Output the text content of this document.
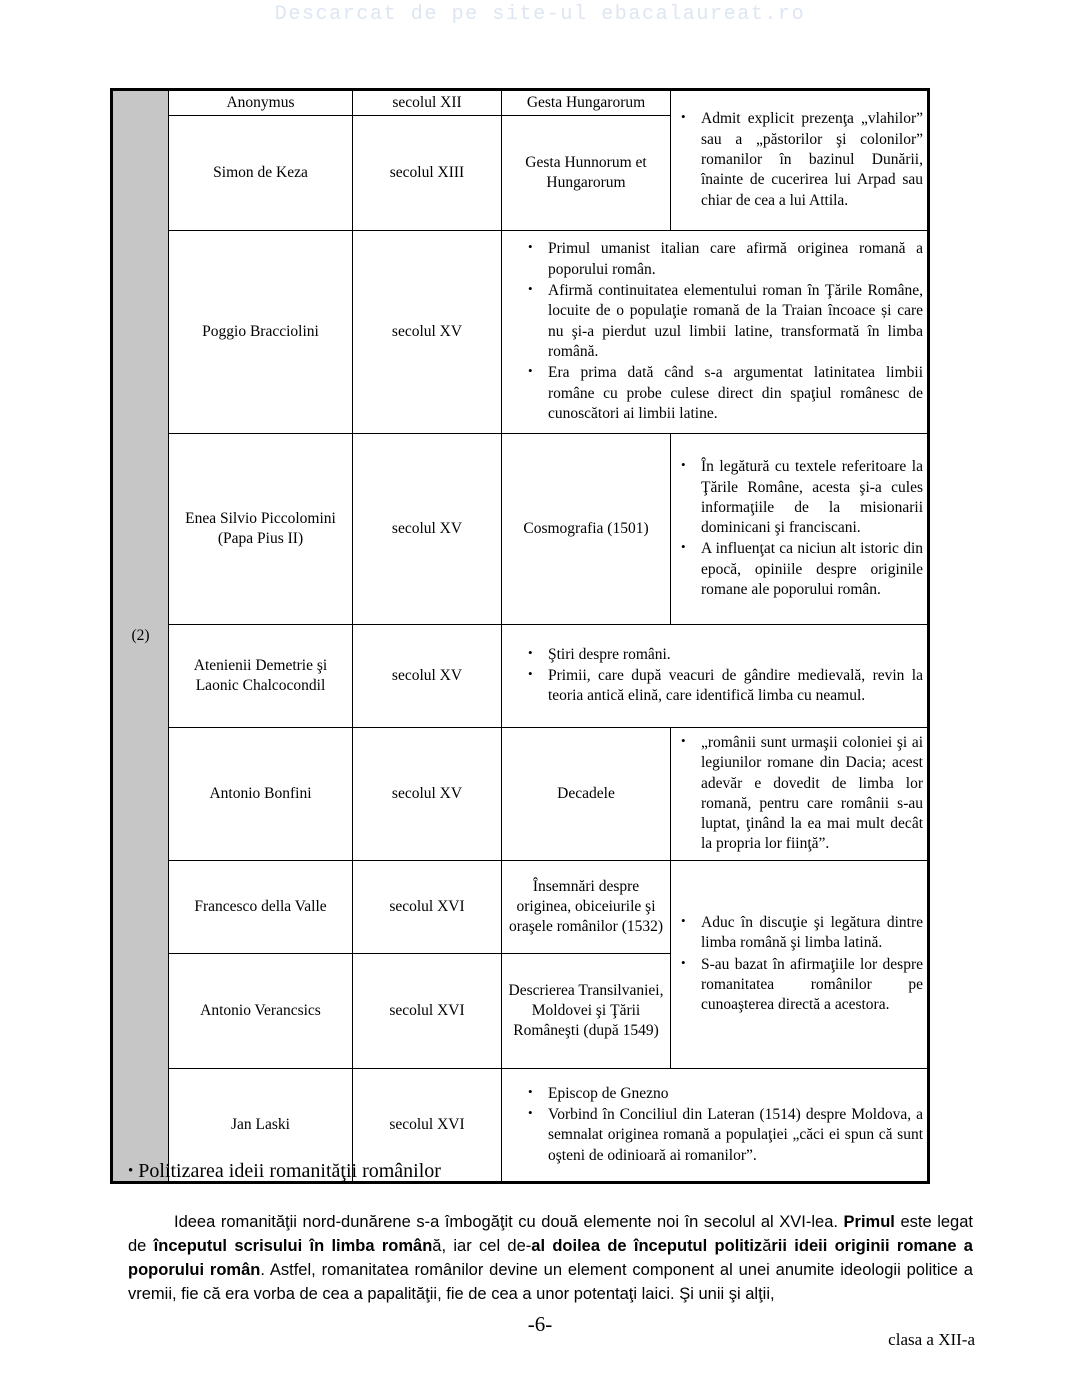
Descarcat de pe site-ul ebacalaureat.ro
(2)	Anonymus	secolul XII	Gesta Hungarorum	
• Admit explicit prezenţa „vlahilor” sau a „păstorilor şi colonilor” romanilor în bazinul Dunării, înainte de cucerirea lui Arpad sau chiar de cea a lui Attila.

	Simon de Keza	secolul XIII	Gesta Hunnorum et Hungarorum	
Poggio Bracciolini	secolul XV	
• Primul umanist italian care afirmă originea romană a poporului român.
• Afirmă continuitatea elementului roman în Ţările Române, locuite de o populaţie romană de la Traian încoace și care nu şi-a pierdut uzul limbii latine, transformată în limba română.
• Era prima dată când s-a argumentat latinitatea limbii române cu probe culese direct din spaţiul românesc de cunoscători ai limbii latine.

Enea Silvio Piccolomini (Papa Pius II)	secolul XV	Cosmografia (1501)	
• În legătură cu textele referitoare la Ţările Române, acesta şi-a cules informaţiile de la misionarii dominicani şi franciscani.
• A influenţat ca niciun alt istoric din epocă, opiniile despre originile romane ale poporului român.

Atenienii Demetrie şi Laonic Chalcocondil	secolul XV	
• Ştiri despre români.
• Primii, care după veacuri de gândire medievală, revin la teoria antică elină, care identifică limba cu neamul.

Antonio Bonfini	secolul XV	Decadele	
• „românii sunt urmaşii coloniei şi ai legiunilor romane din Dacia; acest adevăr e dovedit de limba lor romană, pentru care românii s-au luptat, ţinând la ea mai mult decât la propria lor fiinţă”.

Francesco della Valle	secolul XVI	Însemnări despre originea, obiceiurile şi oraşele românilor (1532)	
•Aduc în discuţie şi legătura dintre limba română şi limba latină.
• S-au bazat în afirmaţiile lor despre romanitatea românilor pe cunoaşterea directă a acestora.

	Antonio Verancsics	secolul XVI	Descrierea Transilvaniei, Moldovei şi Ţării Româneşti (după 1549)	
Jan Laski	secolul XVI	
• Episcop de Gnezno
• Vorbind în Conciliul din Lateran (1514) despre Moldova, a semnalat originea romană a populaţiei „căci ei spun că sunt oşteni de odinioară ai romanilor”.
• Politizarea ideii romanităţii românilor
Ideea romanităţii nord-dunărene s-a îmbogăţit cu două elemente noi în secolul al XVI-lea. Primul este legat de începutul scrisului în limba română, iar cel de-al doilea de începutul politizării ideii originii romane a poporului român. Astfel, romanitatea românilor devine un element component al unei anumite ideologii politice a vremii, fie că era vorba de cea a papalităţii, fie de cea a unor potentaţi laici. Şi unii şi alţii,
-6-
clasa a XII-a
